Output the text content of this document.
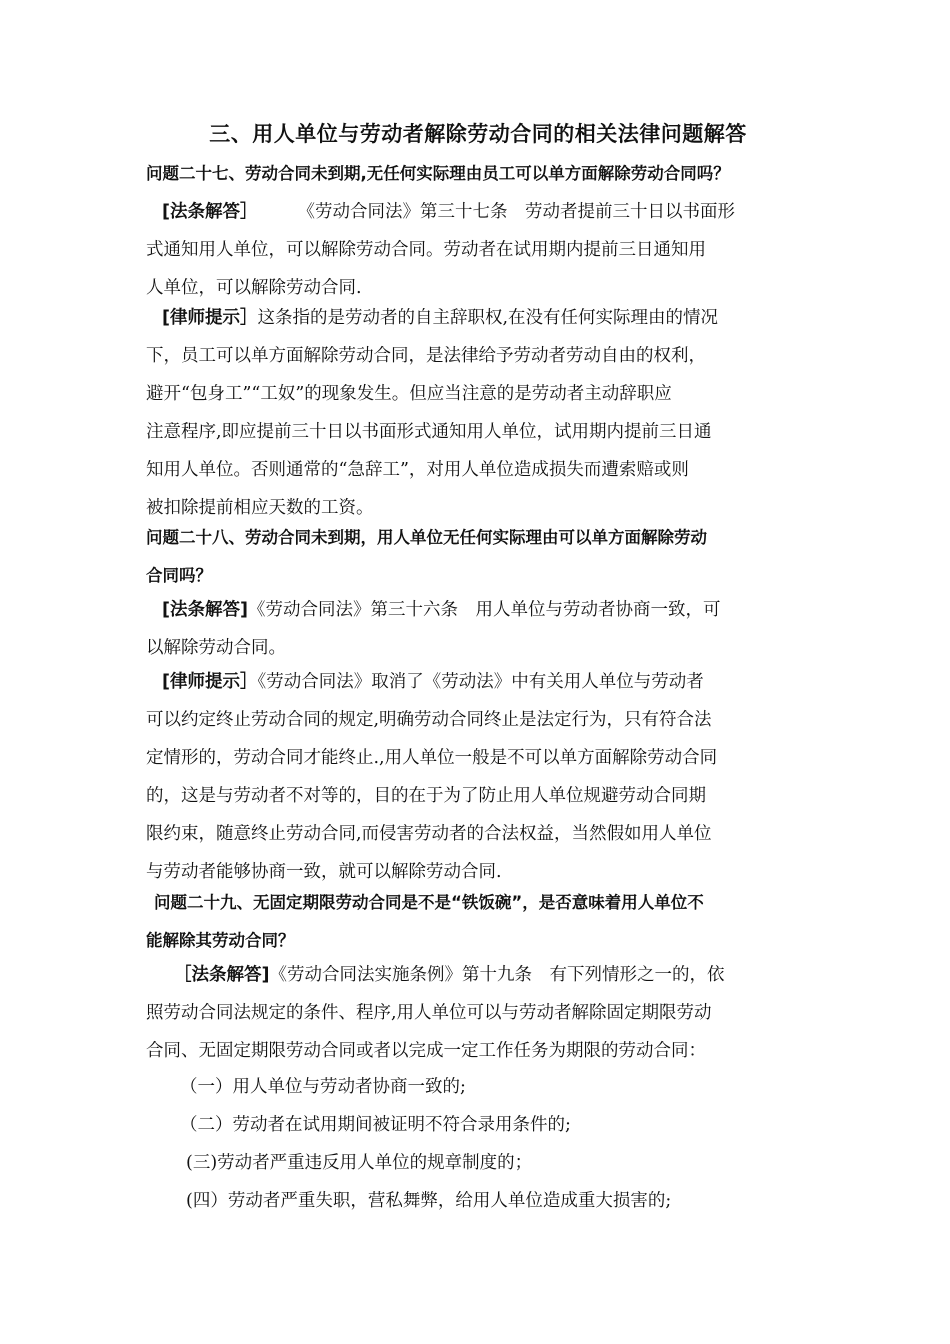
三、用人单位与劳动者解除劳动合同的相关法律问题解答
问题二十七、劳动合同未到期,无任何实际理由员工可以单方面解除劳动合同吗？
[法条解答］ 《劳动合同法》第三十七条　劳动者提前三十日以书面形
式通知用人单位，可以解除劳动合同。劳动者在试用期内提前三日通知用
人单位，可以解除劳动合同.
[律师提示］这条指的是劳动者的自主辞职权,在没有任何实际理由的情况
下，员工可以单方面解除劳动合同，是法律给予劳动者劳动自由的权利，
避开“包身工”“工奴”的现象发生。但应当注意的是劳动者主动辞职应
注意程序,即应提前三十日以书面形式通知用人单位，试用期内提前三日通
知用人单位。否则通常的“急辞工”，对用人单位造成损失而遭索赔或则
被扣除提前相应天数的工资。
问题二十八、劳动合同未到期，用人单位无任何实际理由可以单方面解除劳动
合同吗？
[法条解答]《劳动合同法》第三十六条　用人单位与劳动者协商一致，可
以解除劳动合同。
[律师提示］《劳动合同法》取消了《劳动法》中有关用人单位与劳动者
可以约定终止劳动合同的规定,明确劳动合同终止是法定行为，只有符合法
定情形的，劳动合同才能终止.,用人单位一般是不可以单方面解除劳动合同
的，这是与劳动者不对等的，目的在于为了防止用人单位规避劳动合同期
限约束，随意终止劳动合同,而侵害劳动者的合法权益，当然假如用人单位
与劳动者能够协商一致，就可以解除劳动合同.
问题二十九、无固定期限劳动合同是不是“铁饭碗”，是否意味着用人单位不
能解除其劳动合同？
［法条解答]《劳动合同法实施条例》第十九条　有下列情形之一的，依
照劳动合同法规定的条件、程序,用人单位可以与劳动者解除固定期限劳动
合同、无固定期限劳动合同或者以完成一定工作任务为期限的劳动合同：
（一）用人单位与劳动者协商一致的;
（二）劳动者在试用期间被证明不符合录用条件的;
(三)劳动者严重违反用人单位的规章制度的；
(四）劳动者严重失职，营私舞弊，给用人单位造成重大损害的;
